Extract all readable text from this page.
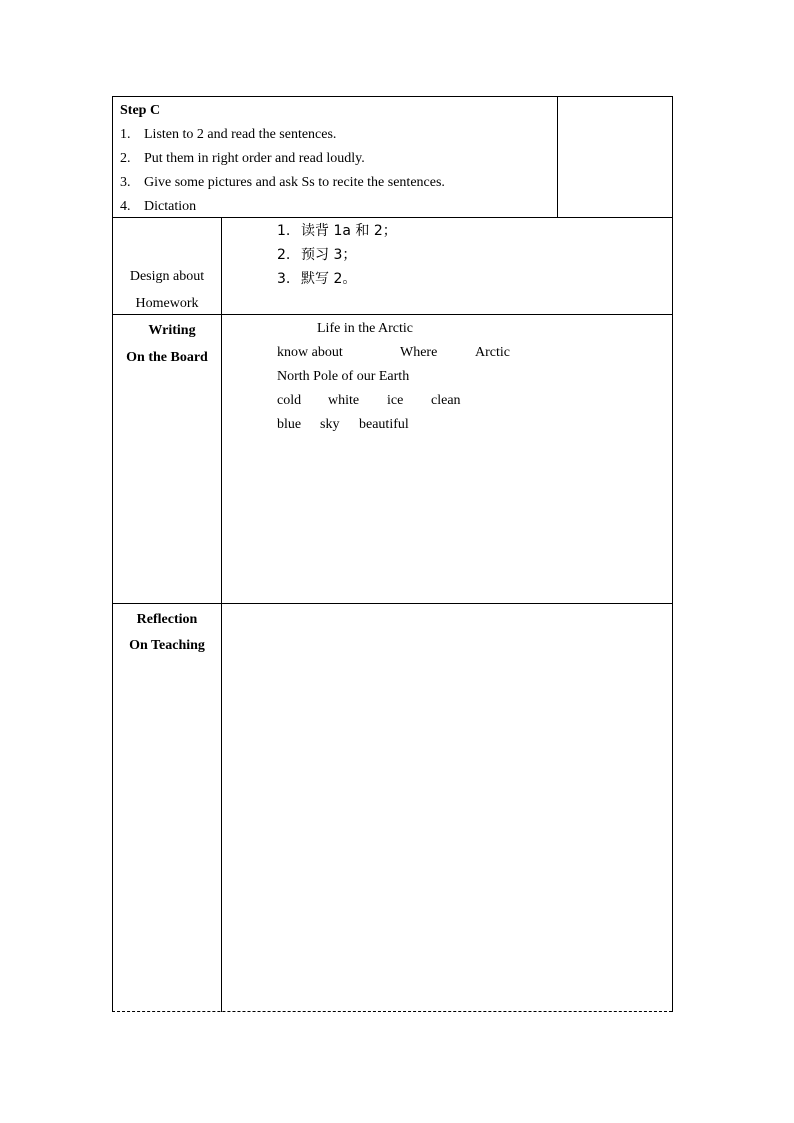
Step C
1. Listen to 2 and read the sentences.
2. Put them in right order and read loudly.
3. Give some pictures and ask Ss to recite the sentences.
4. Dictation
Design about
Homework
1. 读背 1a 和 2；
2. 预习 3；
3. 默写 2。
Writing
On the Board
Life in the Arctic
know about	Where	Arctic
North Pole of our Earth
cold white ice clean
blue sky beautiful
Reflection
On Teaching
